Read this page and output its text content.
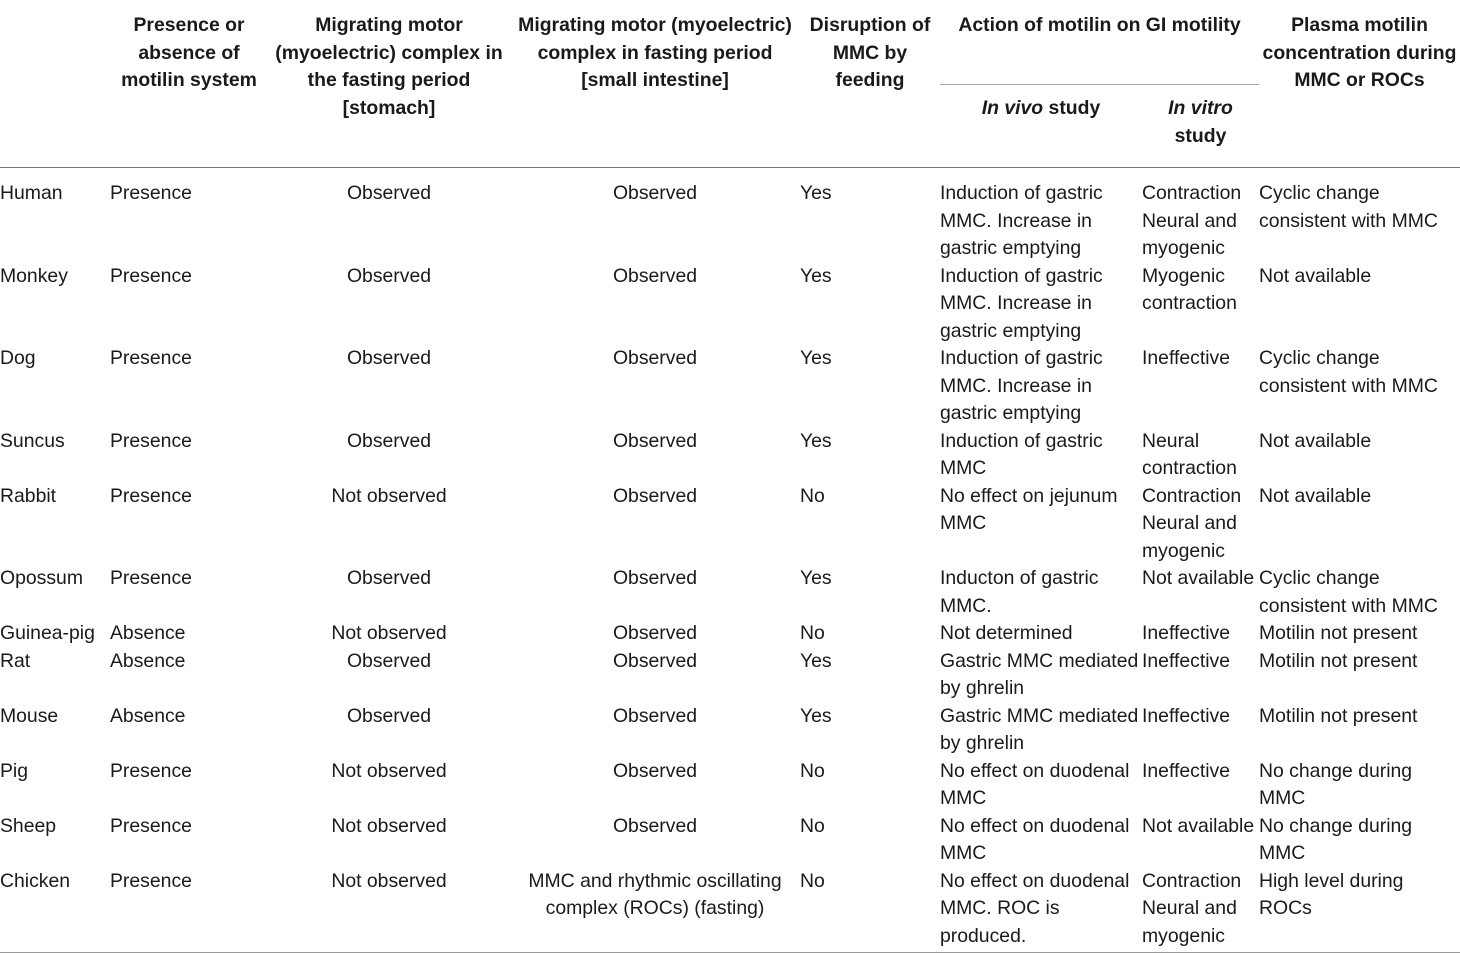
	Presence or absence of motilin system	Migrating motor (myoelectric) complex in the fasting period [stomach]	Migrating motor (myoelectric) complex in fasting period [small intestine]	Disruption of MMC by feeding	Action of motilin on GI motility		Plasma motilin concentration during MMC or ROCs
					In vivo study	In vitro study	
Human	Presence	Observed	Observed	Yes	Induction of gastric MMC. Increase in gastric emptying	Contraction Neural and myogenic	Cyclic change consistent with MMC
Monkey	Presence	Observed	Observed	Yes	Induction of gastric MMC. Increase in gastric emptying	Myogenic contraction	Not available
Dog	Presence	Observed	Observed	Yes	Induction of gastric MMC. Increase in gastric emptying	Ineffective	Cyclic change consistent with MMC
Suncus	Presence	Observed	Observed	Yes	Induction of gastric MMC	Neural contraction	Not available
Rabbit	Presence	Not observed	Observed	No	No effect on jejunum MMC	Contraction Neural and myogenic	Not available
Opossum	Presence	Observed	Observed	Yes	Inducton of gastric MMC.	Not available	Cyclic change consistent with MMC
Guinea-pig	Absence	Not observed	Observed	No	Not determined	Ineffective	Motilin not present
Rat	Absence	Observed	Observed	Yes	Gastric MMC mediated by ghrelin	Ineffective	Motilin not present
Mouse	Absence	Observed	Observed	Yes	Gastric MMC mediated by ghrelin	Ineffective	Motilin not present
Pig	Presence	Not observed	Observed	No	No effect on duodenal MMC	Ineffective	No change during MMC
Sheep	Presence	Not observed	Observed	No	No effect on duodenal MMC	Not available	No change during MMC
Chicken	Presence	Not observed	MMC and rhythmic oscillating complex (ROCs) (fasting)	No	No effect on duodenal MMC. ROC is produced.	Contraction Neural and myogenic	High level during ROCs
